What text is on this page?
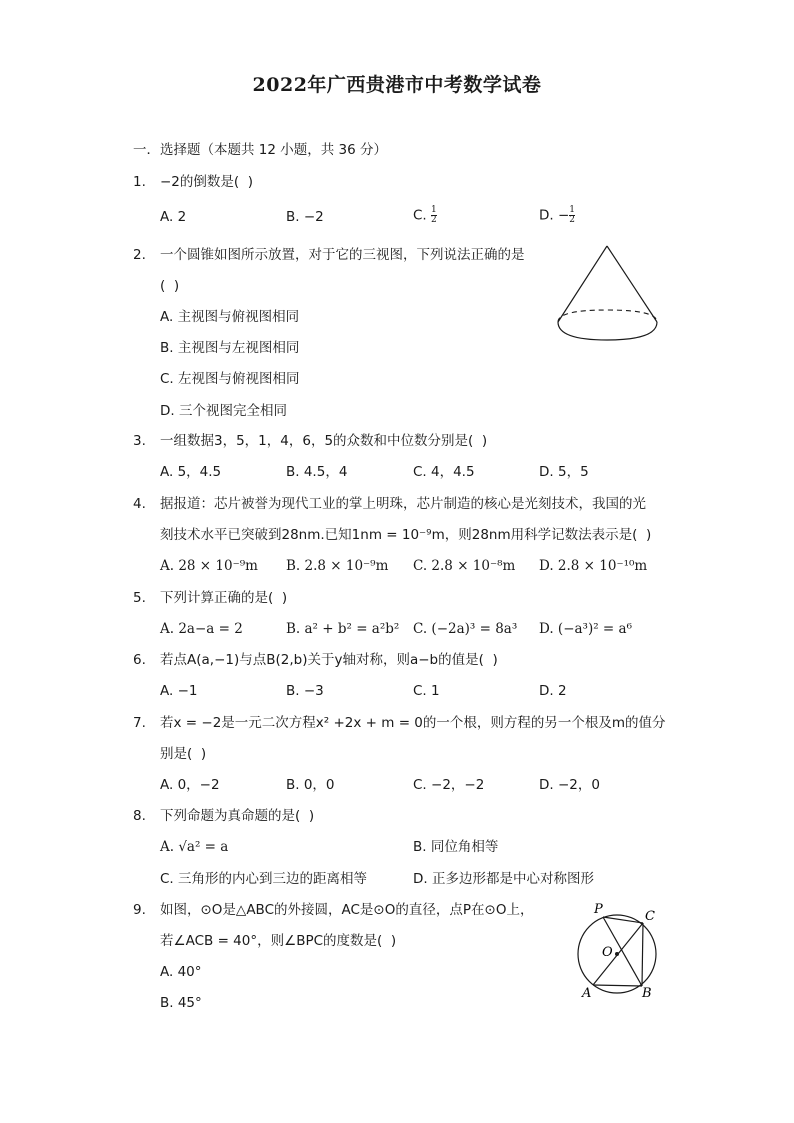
2022年广西贵港市中考数学试卷
一．选择题（本题共 12 小题，共 36 分）
1. −2的倒数是(  )
A. 2	B. −2	C. $\frac{1}{2}$	D. − $\frac{1}{2}$
2. 一个圆锥如图所示放置，对于它的三视图，下列说法正确的是
(  )
A. 主视图与俯视图相同
B. 主视图与左视图相同
C. 左视图与俯视图相同
D. 三个视图完全相同
3. 一组数据3，5，1，4，6，5的众数和中位数分别是(  )
A. 5，4.5	B. 4.5，4	C. 4，4.5	D. 5，5
4. 据报道：芯片被誉为现代工业的掌上明珠，芯片制造的核心是光刻技术，我国的光
刻技术水平已突破到28nm.已知1nm = 10⁻⁹m，则28nm用科学记数法表示是(  )
A. 28 × 10⁻⁹m B. 2.8 × 10⁻⁹m C. 2.8 × 10⁻⁸m D. 2.8 × 10⁻¹⁰m
5. 下列计算正确的是(  )
A. 2a−a = 2	B. a² + b² = a²b² C. (−2a)³ = 8a³ D. (−a³)² = a⁶
6. 若点A(a,−1)与点B(2,b)关于y轴对称，则a−b的值是(  )
A. −1	B. −3	C. 1	D. 2
7. 若x = −2是一元二次方程x² +2x + m = 0的一个根，则方程的另一个根及m的值分
别是(  )
A. 0，−2	B. 0，0	C. −2，−2	D. −2，0
8. 下列命题为真命题的是(  )
A. √a² = a	B. 同位角相等
C. 三角形的内心到三边的距离相等	D. 正多边形都是中心对称图形
9. 如图，⊙O是△ABC的外接圆，AC是⊙O的直径，点P在⊙O上，
若∠ACB = 40°，则∠BPC的度数是(  )
A. 40°
B. 45°
P	C
O
A	B
